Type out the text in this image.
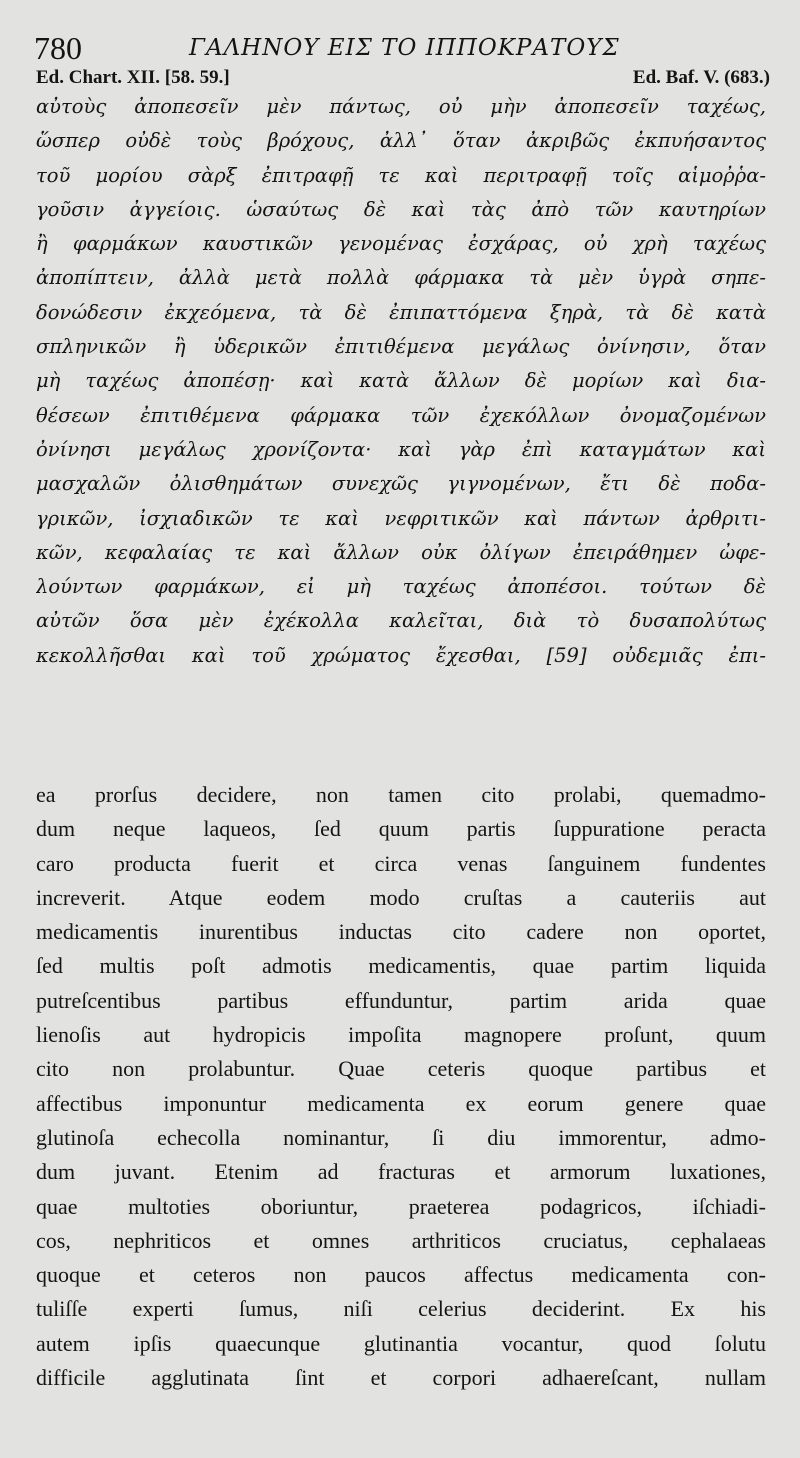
780	ΓΑΛΗΝΟΥ ΕΙΣ ΤΟ ΙΠΠΟΚΡΑΤΟΥΣ
Ed. Chart. XII. [58. 59.]	Ed. Baf. V. (683.)
αὐτοὺς ἀποπεσεῖν μὲν πάντως, οὐ μὴν ἀποπεσεῖν ταχέως,
ὥσπερ οὐδὲ τοὺς βρόχους, ἀλλ᾽ ὅταν ἀκριβῶς ἐκπυήσαντος
τοῦ μορίου σὰρξ ἐπιτραφῇ τε καὶ περιτραφῇ τοῖς αἱμοῤῥα-
γοῦσιν ἀγγείοις. ὡσαύτως δὲ καὶ τὰς ἀπὸ τῶν καυτηρίων
ἢ φαρμάκων καυστικῶν γενομένας ἐσχάρας, οὐ χρὴ ταχέως
ἀποπίπτειν, ἀλλὰ μετὰ πολλὰ φάρμακα τὰ μὲν ὑγρὰ σηπε-
δονώδεσιν ἐκχεόμενα, τὰ δὲ ἐπιπαττόμενα ξηρὰ, τὰ δὲ κατὰ
σπληνικῶν ἢ ὑδερικῶν ἐπιτιθέμενα μεγάλως ὀνίνησιν, ὅταν
μὴ ταχέως ἀποπέσῃ· καὶ κατὰ ἄλλων δὲ μορίων καὶ δια-
θέσεων ἐπιτιθέμενα φάρμακα τῶν ἐχεκόλλων ὀνομαζομένων
ὀνίνησι μεγάλως χρονίζοντα· καὶ γὰρ ἐπὶ καταγμάτων καὶ
μασχαλῶν ὀλισθημάτων συνεχῶς γιγνομένων, ἔτι δὲ ποδα-
γρικῶν, ἰσχιαδικῶν τε καὶ νεφριτικῶν καὶ πάντων ἀρθριτι-
κῶν, κεφαλαίας τε καὶ ἄλλων οὐκ ὀλίγων ἐπειράθημεν ὠφε-
λούντων φαρμάκων, εἰ μὴ ταχέως ἀποπέσοι. τούτων δὲ
αὐτῶν ὅσα μὲν ἐχέκολλα καλεῖται, διὰ τὸ δυσαπολύτως
κεκολλῆσθαι καὶ τοῦ χρώματος ἔχεσθαι, [59] οὐδεμιᾶς ἐπι-
ea prorſus decidere, non tamen cito prolabi, quemadmo-
dum neque laqueos, ſed quum partis ſuppuratione peracta
caro producta fuerit et circa venas ſanguinem fundentes
increverit. Atque eodem modo cruſtas a cauteriis aut
medicamentis inurentibus inductas cito cadere non oportet,
ſed multis poſt admotis medicamentis, quae partim liquida
putreſcentibus partibus effunduntur, partim arida quae
lienoſis aut hydropicis impoſita magnopere proſunt, quum
cito non prolabuntur. Quae ceteris quoque partibus et
affectibus imponuntur medicamenta ex eorum genere quae
glutinoſa echecolla nominantur, ſi diu immorentur, admo-
dum juvant. Etenim ad fracturas et armorum luxationes,
quae multoties oboriuntur, praeterea podagricos, iſchiadi-
cos, nephriticos et omnes arthriticos cruciatus, cephalaeas
quoque et ceteros non paucos affectus medicamenta con-
tuliſſe experti ſumus, niſi celerius deciderint. Ex his
autem ipſis quaecunque glutinantia vocantur, quod ſolutu
difficile agglutinata ſint et corpori adhaereſcant, nullam
